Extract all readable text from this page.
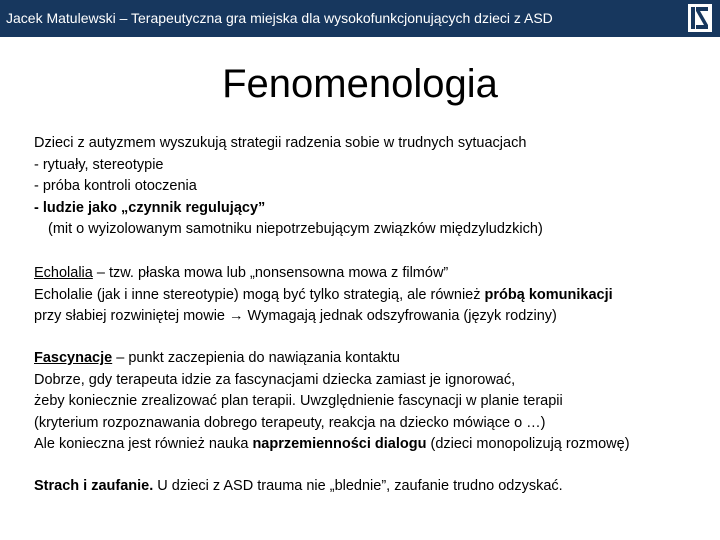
Jacek Matulewski – Terapeutyczna gra miejska dla wysokofunkcjonujących dzieci z ASD
Fenomenologia

Dzieci z autyzmem wyszukują strategii radzenia sobie w trudnych sytuacjach

- rytuały, stereotypie

- próba kontroli otoczenia

- ludzie jako „czynnik regulujący”

(mit o wyizolowanym samotniku niepotrzebującym związków międzyludzkich)

Echolalia – tzw. płaska mowa lub „nonsensowna mowa z filmów”

Echolalie (jak i inne stereotypie) mogą być tylko strategią, ale również próbą komunikacji

przy słabiej rozwiniętej mowie → Wymagają jednak odszyfrowania (język rodziny)

Fascynacje – punkt zaczepienia do nawiązania kontaktu

Dobrze, gdy terapeuta idzie za fascynacjami dziecka zamiast je ignorować,

żeby koniecznie zrealizować plan terapii. Uwzględnienie fascynacji w planie terapii

(kryterium rozpoznawania dobrego terapeuty, reakcja na dziecko mówiące o …)

Ale konieczna jest również nauka naprzemienności dialogu (dzieci monopolizują rozmowę)

Strach i zaufanie. U dzieci z ASD trauma nie „blednie”, zaufanie trudno odzyskać.
